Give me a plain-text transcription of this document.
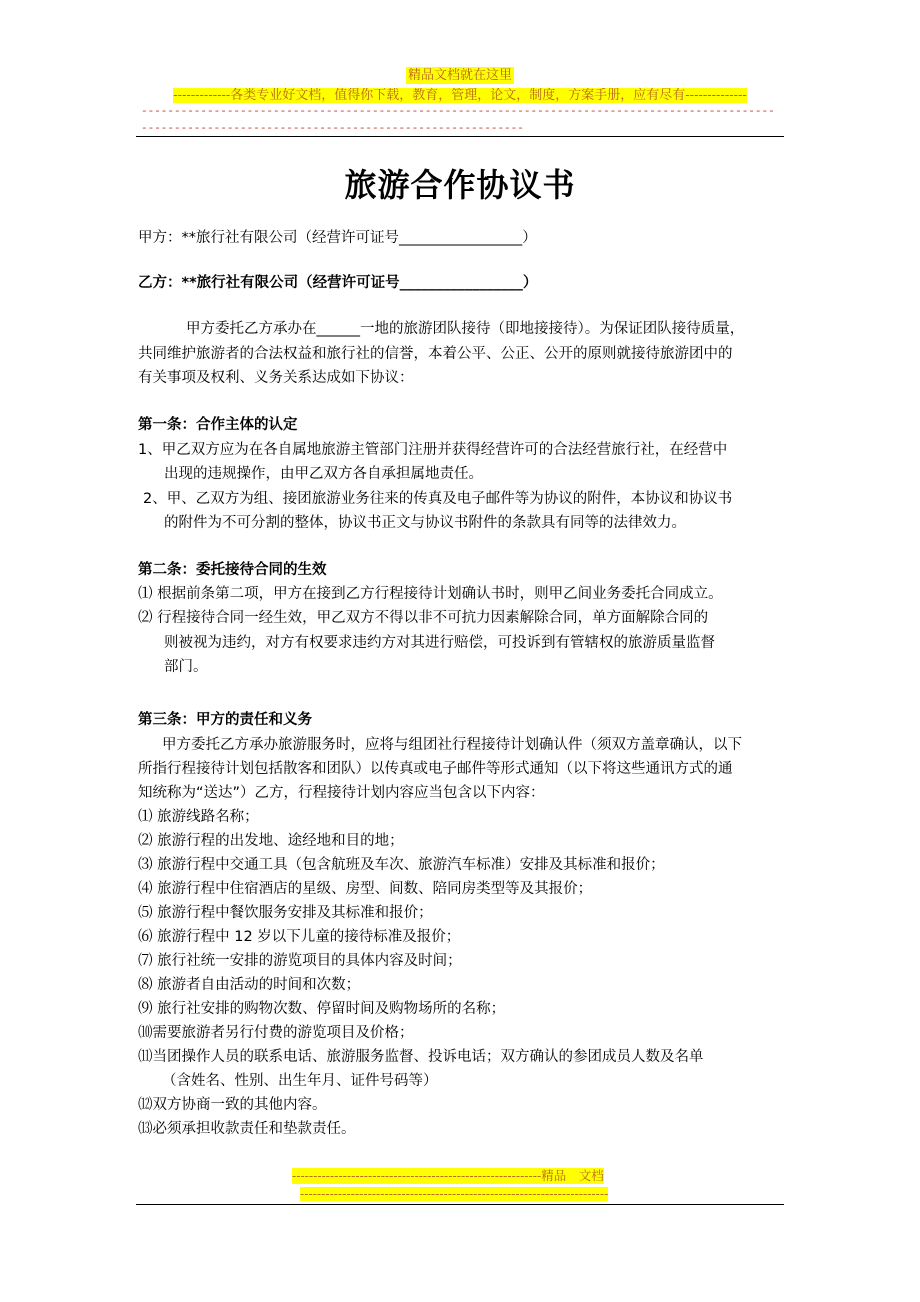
精品文档就在这里
-------------各类专业好文档，值得你下载，教育，管理，论文，制度，方案手册，应有尽有--------------
----------------------------------------------------------------------------------------------------------------------------------------------------------
旅游合作协议书
甲方：**旅行社有限公司（经营许可证号_________________）
乙方：**旅行社有限公司（经营许可证号_________________）
甲方委托乙方承办在______一地的旅游团队接待（即地接接待）。为保证团队接待质量，
共同维护旅游者的合法权益和旅行社的信誉，本着公平、公正、公开的原则就接待旅游团中的
有关事项及权利、义务关系达成如下协议：
第一条：合作主体的认定
1、甲乙双方应为在各自属地旅游主管部门注册并获得经营许可的合法经营旅行社，在经营中
出现的违规操作，由甲乙双方各自承担属地责任。
2、甲、乙双方为组、接团旅游业务往来的传真及电子邮件等为协议的附件，本协议和协议书
的附件为不可分割的整体，协议书正文与协议书附件的条款具有同等的法律效力。
第二条：委托接待合同的生效
⑴ 根据前条第二项，甲方在接到乙方行程接待计划确认书时，则甲乙间业务委托合同成立。
⑵ 行程接待合同一经生效，甲乙双方不得以非不可抗力因素解除合同，单方面解除合同的
则被视为违约，对方有权要求违约方对其进行赔偿，可投诉到有管辖权的旅游质量监督
部门。
第三条：甲方的责任和义务
甲方委托乙方承办旅游服务时，应将与组团社行程接待计划确认件（须双方盖章确认，以下
所指行程接待计划包括散客和团队）以传真或电子邮件等形式通知（以下将这些通讯方式的通
知统称为“送达”）乙方，行程接待计划内容应当包含以下内容：
⑴ 旅游线路名称；
⑵ 旅游行程的出发地、途经地和目的地；
⑶ 旅游行程中交通工具（包含航班及车次、旅游汽车标准）安排及其标准和报价；
⑷ 旅游行程中住宿酒店的星级、房型、间数、陪同房类型等及其报价；
⑸ 旅游行程中餐饮服务安排及其标准和报价；
⑹ 旅游行程中 12 岁以下儿童的接待标准及报价；
⑺ 旅行社统一安排的游览项目的具体内容及时间；
⑻ 旅游者自由活动的时间和次数；
⑼ 旅行社安排的购物次数、停留时间及购物场所的名称；
⑽需要旅游者另行付费的游览项目及价格；
⑾当团操作人员的联系电话、旅游服务监督、投诉电话；双方确认的参团成员人数及名单
（含姓名、性别、出生年月、证件号码等）
⑿双方协商一致的其他内容。
⒀必须承担收款责任和垫款责任。
-----------------------------------------------------------精品　文档
-------------------------------------------------------------------------
